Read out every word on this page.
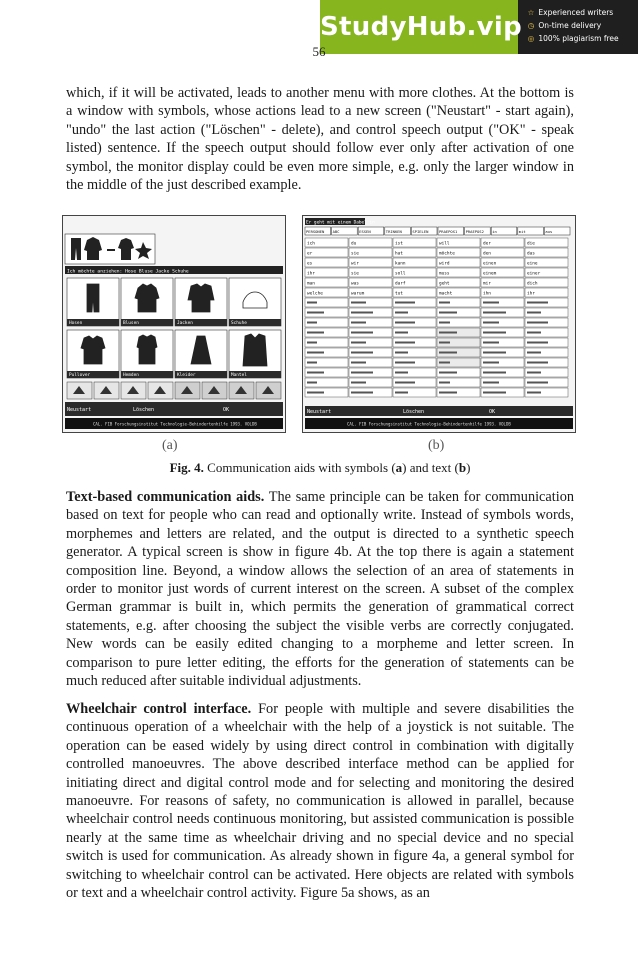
StudyHub.vip ☆ Experienced writers
◷ On-time delivery
◎ 100% plagiarism free
56

which, if it will be activated, leads to another menu with more clothes. At the bottom is a window with symbols, whose actions lead to a new screen ("Neustart" - start again), "undo" the last action ("Löschen" - delete), and control speech output ("OK" - speak listed) sentence. If the speech output should follow ever only after activation of one symbol, the monitor display could be even more simple, e.g. only the larger window in the middle of the just described example.

Ich möchte anziehen: Hose Bluse Jacke Schuhe
Hosen	Blusen	Jacken	Schuhe
Pullover	Hemden	Kleider	Mantel
Neustart	Löschen	OK
CAL. FIB Forschungsinstitut Technologie-Behindertenhilfe 1993. VOLDB
Er geht mit einem Dabel in
PERSONEN ABC	ESSEN	TRINKEN	SPIELEN	PRAEPOS1 PRAEPOS2 in	mit	aus
ich	du	ist	will	der	die
er	sie	hat	möchte	den	das
es	wir	kann	wird	einen	eine
ihr	sie	soll	muss	einem	einer
man	was	darf	geht	mir	dich
welche	warum	tut	macht	ihn	ihr
Neustart	Löschen	OK
CAL. FIB Forschungsinstitut Technologie-Behindertenhilfe 1993. VOLDB
(a)	(b)
Fig. 4. Communication aids with symbols (a) and text (b)

Text-based communication aids. The same principle can be taken for communication based on text for people who can read and optionally write. Instead of symbols words, morphemes and letters are related, and the output is directed to a synthetic speech generator. A typical screen is show in figure 4b. At the top there is again a statement composition line. Beyond, a window allows the selection of an area of statements in order to monitor just words of current interest on the screen. A subset of the complex German grammar is built in, which permits the generation of grammatical correct statements, e.g. after choosing the subject the visible verbs are correctly conjugated. New words can be easily edited changing to a morpheme and letter screen. In comparison to pure letter editing, the efforts for the generation of statements can be much reduced after suitable individual adjustments.

Wheelchair control interface. For people with multiple and severe disabilities the continuous operation of a wheelchair with the help of a joystick is not suitable. The operation can be eased widely by using direct control in combination with digitally controlled manoeuvres. The above described interface method can be applied for initiating direct and digital control mode and for selecting and monitoring the desired manoeuvre. For reasons of safety, no communication is allowed in parallel, because wheelchair control needs continuous monitoring, but assisted communication is possible nearly at the same time as wheelchair driving and no special device and no special switch is used for communication. As already shown in figure 4a, a general symbol for switching to wheelchair control can be activated. Here objects are related with symbols or text and a wheelchair control activity. Figure 5a shows, as an
